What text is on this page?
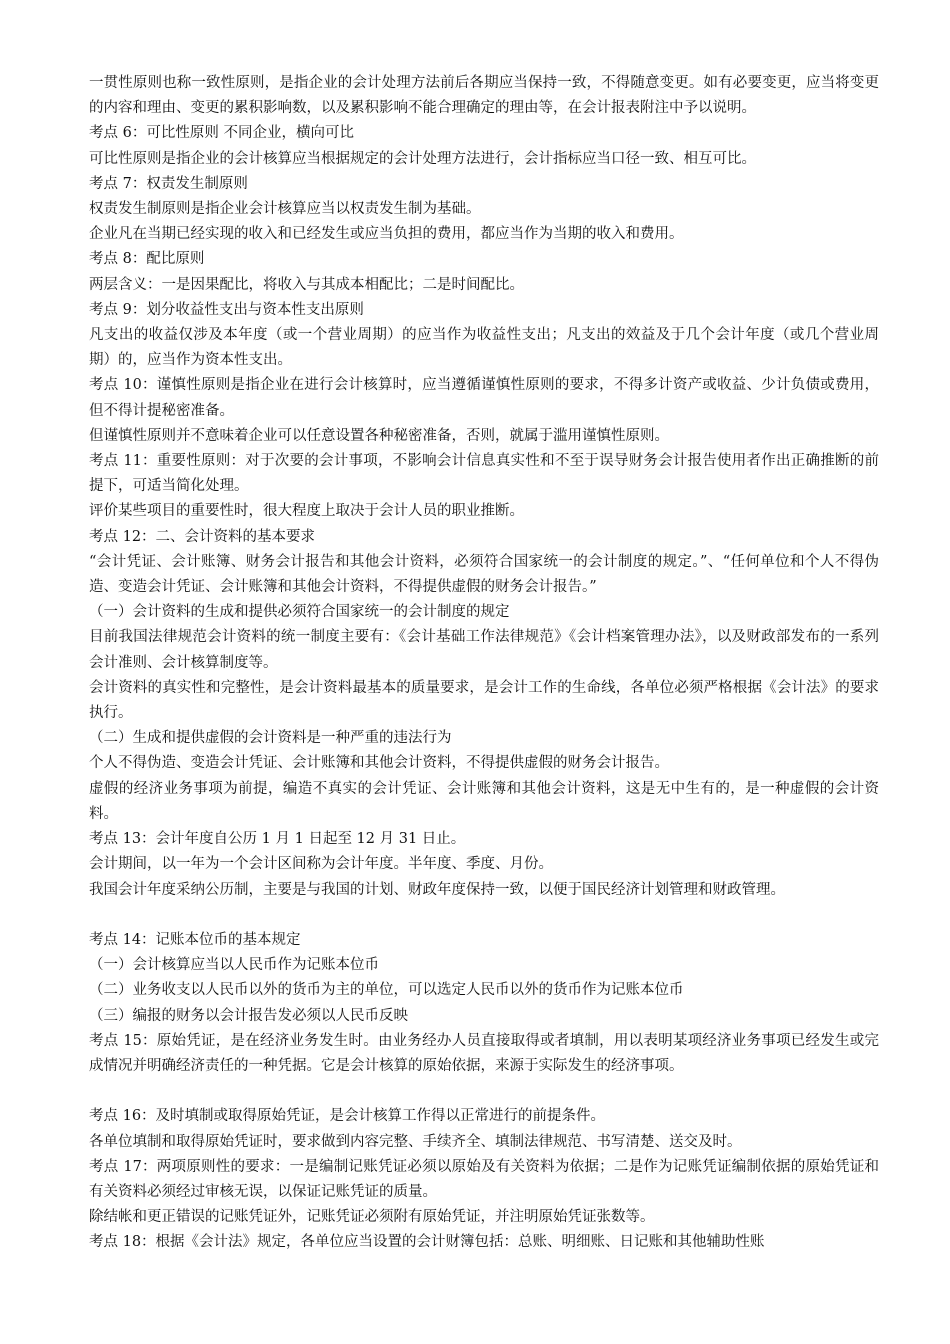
一贯性原则也称一致性原则，是指企业的会计处理方法前后各期应当保持一致，不得随意变更。如有必要变更，应当将变更的内容和理由、变更的累积影响数，以及累积影响不能合理确定的理由等，在会计报表附注中予以说明。

考点 6：可比性原则 不同企业，横向可比

可比性原则是指企业的会计核算应当根据规定的会计处理方法进行，会计指标应当口径一致、相互可比。

考点 7：权责发生制原则

权责发生制原则是指企业会计核算应当以权责发生制为基础。

企业凡在当期已经实现的收入和已经发生或应当负担的费用，都应当作为当期的收入和费用。

考点 8：配比原则

两层含义：一是因果配比，将收入与其成本相配比；二是时间配比。

考点 9：划分收益性支出与资本性支出原则

凡支出的收益仅涉及本年度（或一个营业周期）的应当作为收益性支出；凡支出的效益及于几个会计年度（或几个营业周期）的，应当作为资本性支出。

考点 10：谨慎性原则是指企业在进行会计核算时，应当遵循谨慎性原则的要求，不得多计资产或收益、少计负债或费用，但不得计提秘密准备。

但谨慎性原则并不意味着企业可以任意设置各种秘密准备，否则，就属于滥用谨慎性原则。

考点 11：重要性原则：对于次要的会计事项，不影响会计信息真实性和不至于误导财务会计报告使用者作出正确推断的前提下，可适当简化处理。

评价某些项目的重要性时，很大程度上取决于会计人员的职业推断。

考点 12：二、会计资料的基本要求

“会计凭证、会计账簿、财务会计报告和其他会计资料，必须符合国家统一的会计制度的规定。”、“任何单位和个人不得伪造、变造会计凭证、会计账簿和其他会计资料，不得提供虚假的财务会计报告。”

（一）会计资料的生成和提供必须符合国家统一的会计制度的规定

目前我国法律规范会计资料的统一制度主要有：《会计基础工作法律规范》《会计档案管理办法》，以及财政部发布的一系列会计准则、会计核算制度等。

会计资料的真实性和完整性，是会计资料最基本的质量要求，是会计工作的生命线，各单位必须严格根据《会计法》的要求执行。

（二）生成和提供虚假的会计资料是一种严重的违法行为

个人不得伪造、变造会计凭证、会计账簿和其他会计资料，不得提供虚假的财务会计报告。

虚假的经济业务事项为前提，编造不真实的会计凭证、会计账簿和其他会计资料，这是无中生有的，是一种虚假的会计资料。

考点 13：会计年度自公历 1 月 1 日起至 12 月 31 日止。

会计期间，以一年为一个会计区间称为会计年度。半年度、季度、月份。

我国会计年度采纳公历制，主要是与我国的计划、财政年度保持一致，以便于国民经济计划管理和财政管理。

考点 14：记账本位币的基本规定

（一）会计核算应当以人民币作为记账本位币

（二）业务收支以人民币以外的货币为主的单位，可以选定人民币以外的货币作为记账本位币

（三）编报的财务以会计报告发必须以人民币反映

考点 15：原始凭证，是在经济业务发生时。由业务经办人员直接取得或者填制，用以表明某项经济业务事项已经发生或完成情况并明确经济责任的一种凭据。它是会计核算的原始依据，来源于实际发生的经济事项。

考点 16：及时填制或取得原始凭证，是会计核算工作得以正常进行的前提条件。

各单位填制和取得原始凭证时，要求做到内容完整、手续齐全、填制法律规范、书写清楚、送交及时。

考点 17：两项原则性的要求：一是编制记账凭证必须以原始及有关资料为依据；二是作为记账凭证编制依据的原始凭证和有关资料必须经过审核无误，以保证记账凭证的质量。

除结帐和更正错误的记账凭证外，记账凭证必须附有原始凭证，并注明原始凭证张数等。

考点 18：根据《会计法》规定，各单位应当设置的会计财簿包括：总账、明细账、日记账和其他辅助性账
